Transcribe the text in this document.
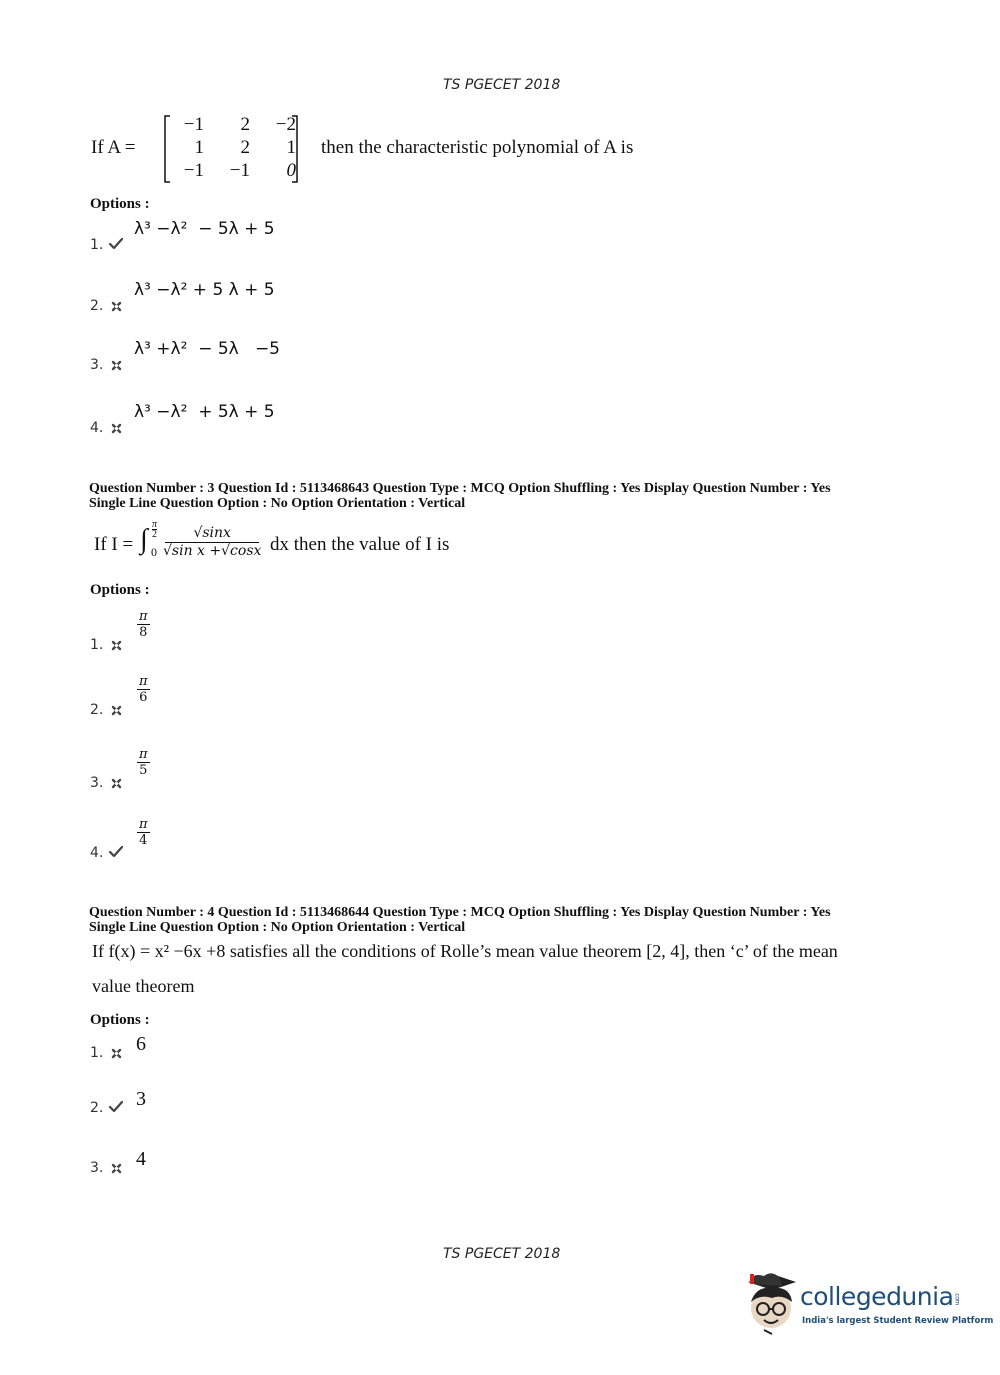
TS PGECET 2018
If A =
−1	2	−2
1	2	1
−1	−1	0
then the characteristic polynomial of A is
Options :
1.
λ³ −λ²  − 5λ + 5
2.
λ³ −λ² + 5 λ + 5
3.
λ³ +λ²  − 5λ   −5
4.
λ³ −λ²  + 5λ + 5
Question Number : 3 Question Id : 5113468643 Question Type : MCQ Option Shuffling : Yes Display Question Number : Yes
Single Line Question Option : No Option Orientation : Vertical
If I = ∫ π
2
$0 \frac{√\sin x}{\text{√sin x +√cosx}}$ dx then the value of I is
Options :
1.
$\frac{\pi}{8}$
2.
$\frac{\pi}{6}$
3.
$\frac{\pi}{5}$
4.
$\frac{\pi}{4}$
Question Number : 4 Question Id : 5113468644 Question Type : MCQ Option Shuffling : Yes Display Question Number : Yes
Single Line Question Option : No Option Orientation : Vertical
If f(x) = x² −6x +8 satisfies all the conditions of Rolle’s mean value theorem [2, 4], then ‘c’ of the mean
value theorem
Options :
1. 6
2. 3
3. 4
TS PGECET 2018
collegedunia.com
India's largest Student Review Platform
